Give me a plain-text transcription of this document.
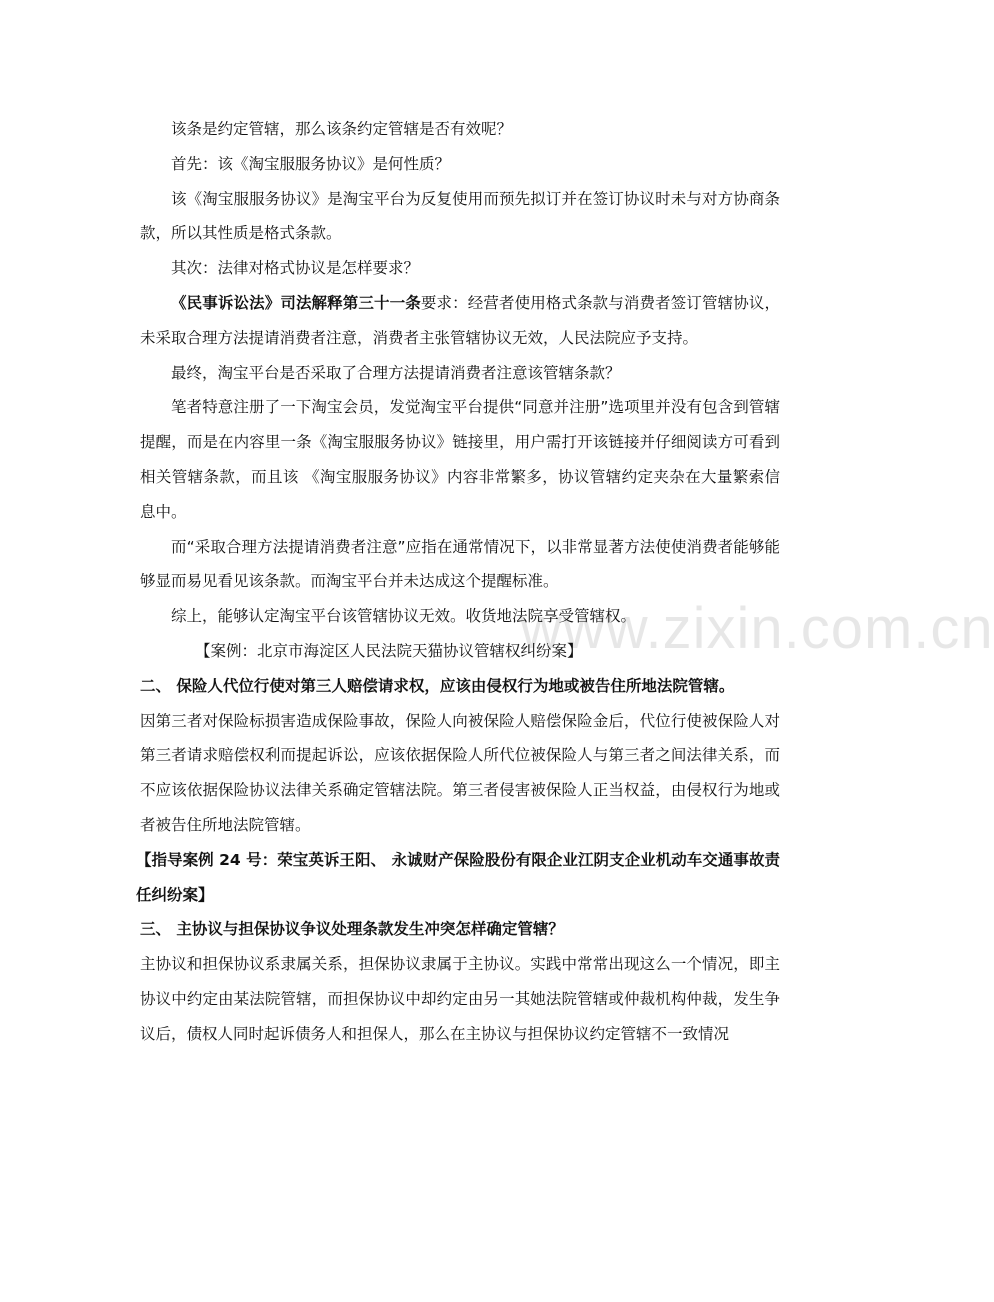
www.zixin.com.cn

该条是约定管辖，那么该条约定管辖是否有效呢？

首先：该《淘宝服服务协议》是何性质？

该《淘宝服服务协议》是淘宝平台为反复使用而预先拟订并在签订协议时未与对方协商条款，所以其性质是格式条款。

其次：法律对格式协议是怎样要求？

《民事诉讼法》司法解释第三十一条要求：经营者使用格式条款与消费者签订管辖协议，未采取合理方法提请消费者注意，消费者主张管辖协议无效，人民法院应予支持。

最终，淘宝平台是否采取了合理方法提请消费者注意该管辖条款？

笔者特意注册了一下淘宝会员，发觉淘宝平台提供“同意并注册”选项里并没有包含到管辖提醒，而是在内容里一条《淘宝服服务协议》链接里，用户需打开该链接并仔细阅读方可看到相关管辖条款，而且该 《淘宝服服务协议》内容非常繁多，协议管辖约定夹杂在大量繁索信息中。

而“采取合理方法提请消费者注意”应指在通常情况下，以非常显著方法使使消费者能够能够显而易见看见该条款。而淘宝平台并未达成这个提醒标准。

综上，能够认定淘宝平台该管辖协议无效。收货地法院享受管辖权。

【案例：北京市海淀区人民法院天猫协议管辖权纠纷案】

二、 保险人代位行使对第三人赔偿请求权，应该由侵权行为地或被告住所地法院管辖。

因第三者对保险标损害造成保险事故，保险人向被保险人赔偿保险金后，代位行使被保险人对第三者请求赔偿权利而提起诉讼，应该依据保险人所代位被保险人与第三者之间法律关系，而不应该依据保险协议法律关系确定管辖法院。第三者侵害被保险人正当权益，由侵权行为地或者被告住所地法院管辖。

【指导案例 24 号：荣宝英诉王阳、 永诚财产保险股份有限企业江阴支企业机动车交通事故责任纠纷案】

三、 主协议与担保协议争议处理条款发生冲突怎样确定管辖？

主协议和担保协议系隶属关系，担保协议隶属于主协议。实践中常常出现这么一个情况，即主协议中约定由某法院管辖，而担保协议中却约定由另一其她法院管辖或仲裁机构仲裁，发生争议后，债权人同时起诉债务人和担保人，那么在主协议与担保协议约定管辖不一致情况
